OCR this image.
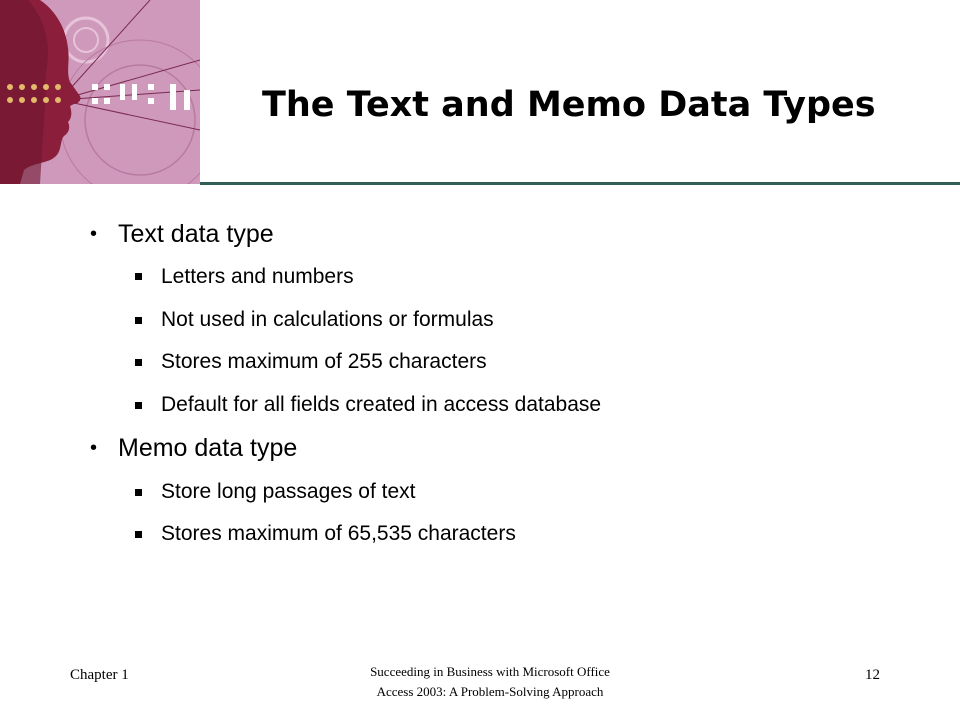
The Text and Memo Data Types
• Text data type
Letters and numbers
Not used in calculations or formulas
Stores maximum of 255 characters
Default for all fields created in access database
• Memo data type
Store long passages of text
Stores maximum of 65,535 characters
Chapter 1	Succeeding in Business with Microsoft Office
Access 2003: A Problem-Solving Approach
12
